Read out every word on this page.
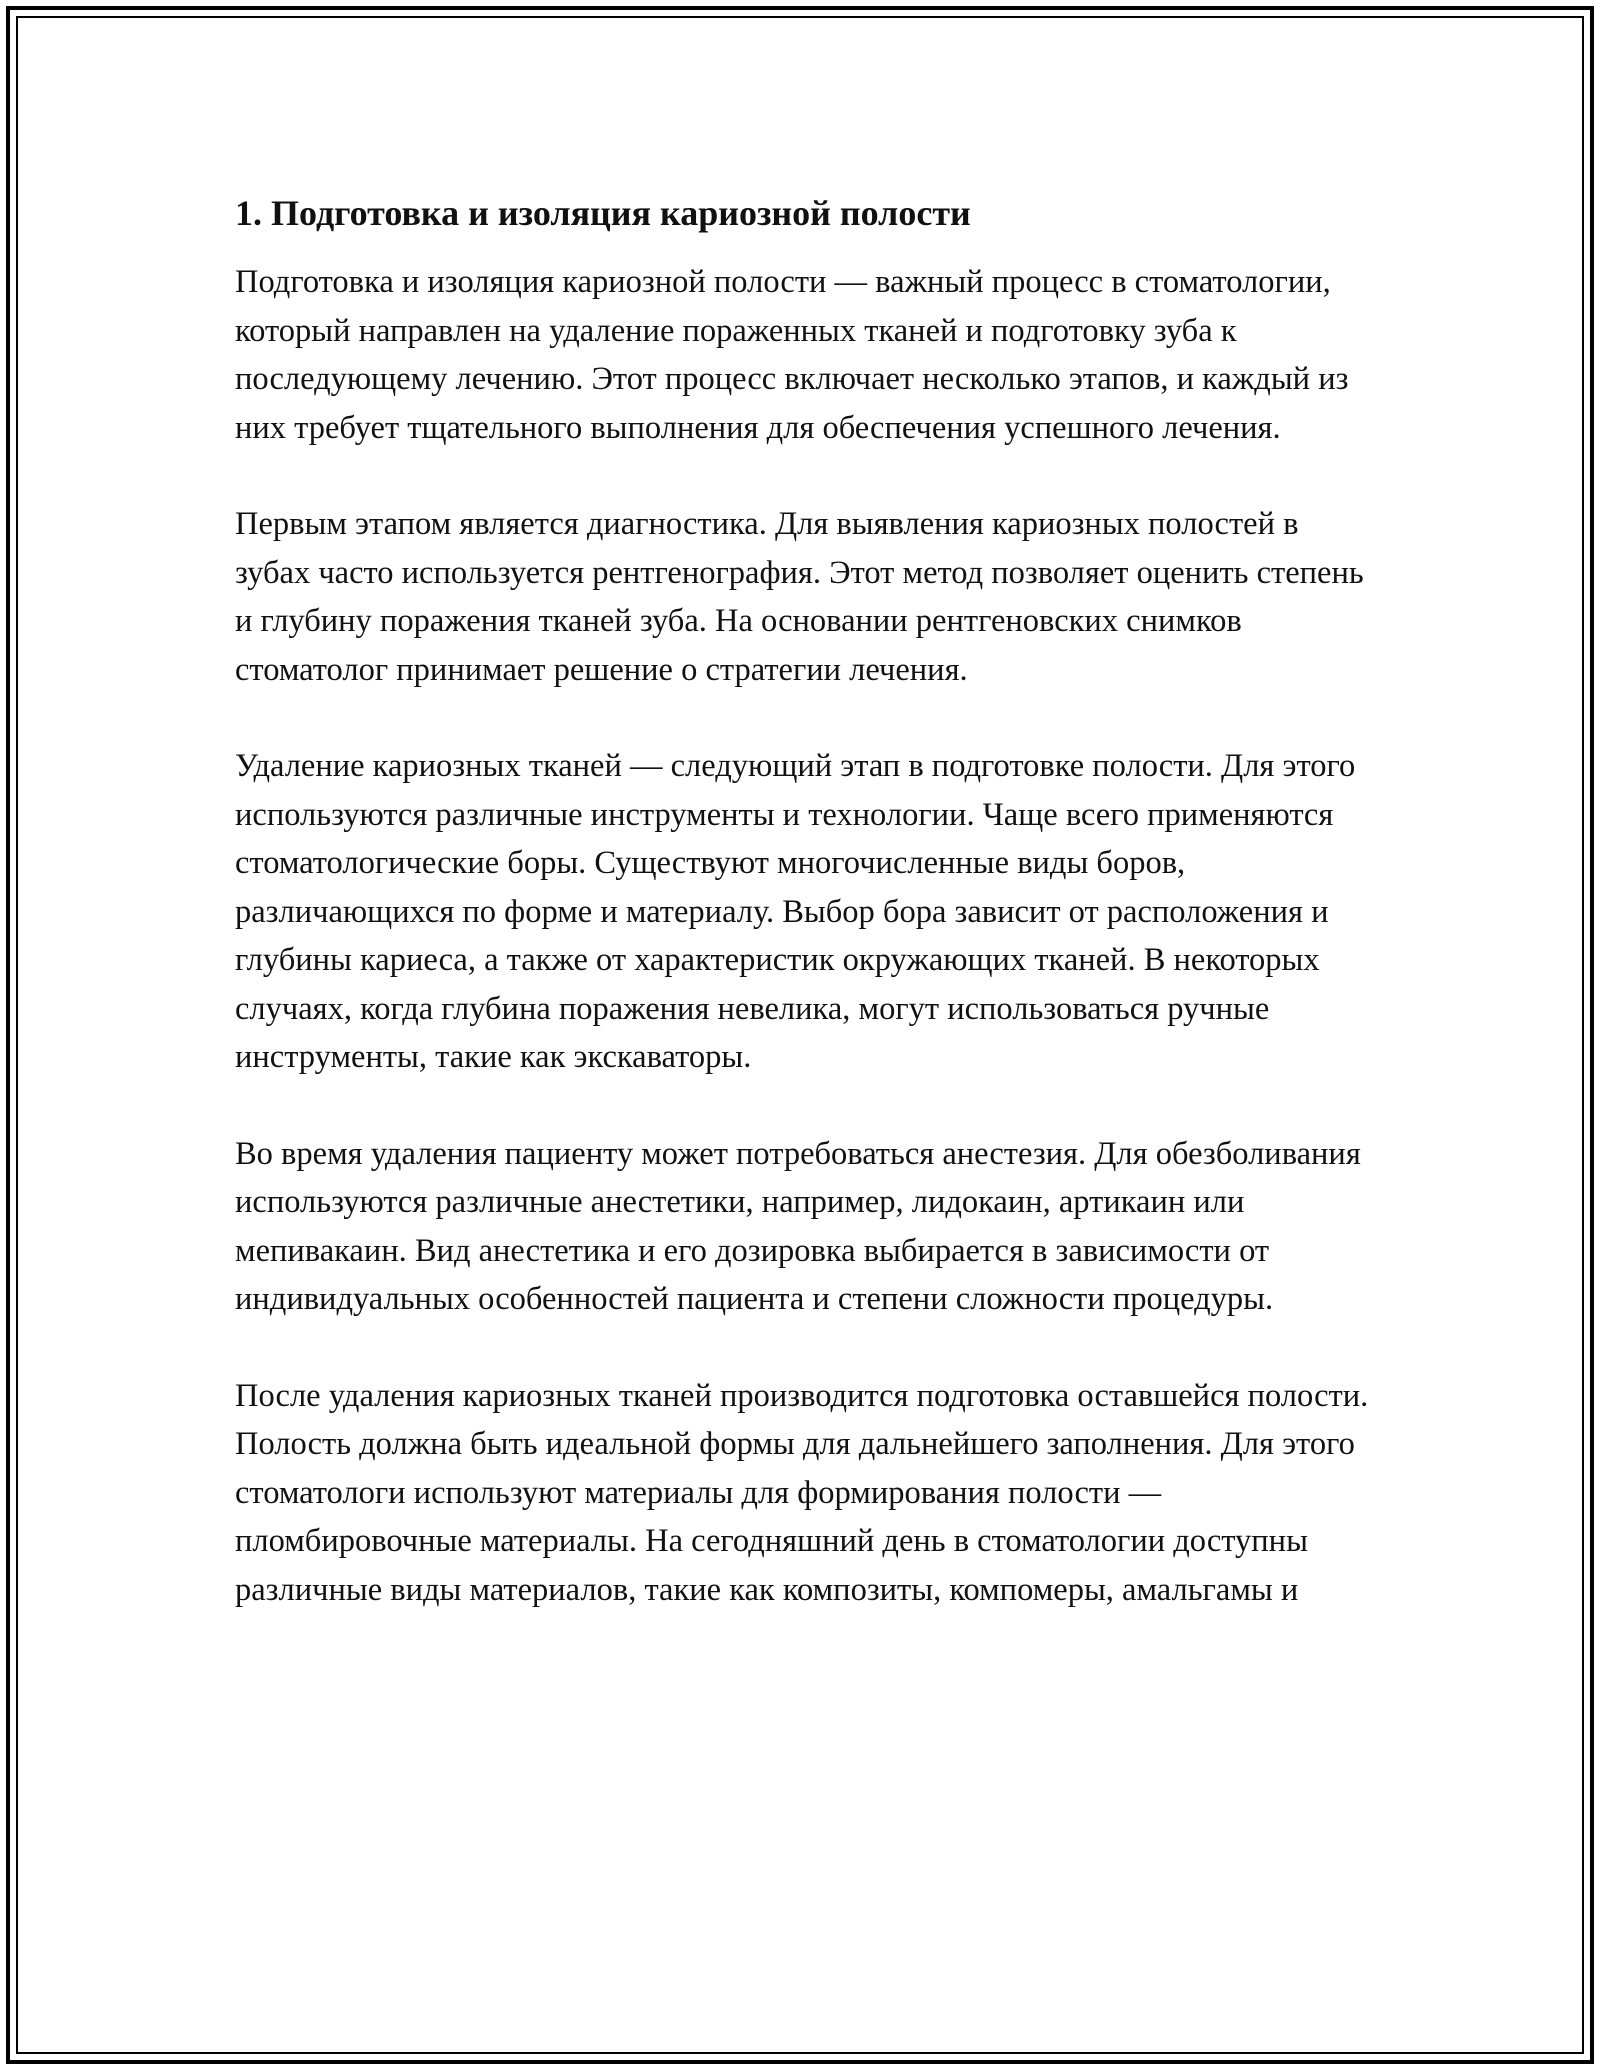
1. Подготовка и изоляция кариозной полости

Подготовка и изоляция кариозной полости — важный процесс в стоматологии, который направлен на удаление пораженных тканей и подготовку зуба к последующему лечению. Этот процесс включает несколько этапов, и каждый из них требует тщательного выполнения для обеспечения успешного лечения.

Первым этапом является диагностика. Для выявления кариозных полостей в зубах часто используется рентгенография. Этот метод позволяет оценить степень и глубину поражения тканей зуба. На основании рентгеновских снимков стоматолог принимает решение о стратегии лечения.

Удаление кариозных тканей — следующий этап в подготовке полости. Для этого используются различные инструменты и технологии. Чаще всего применяются стоматологические боры. Существуют многочисленные виды боров, различающихся по форме и материалу. Выбор бора зависит от расположения и глубины кариеса, а также от характеристик окружающих тканей. В некоторых случаях, когда глубина поражения невелика, могут использоваться ручные инструменты, такие как экскаваторы.

Во время удаления пациенту может потребоваться анестезия. Для обезболивания используются различные анестетики, например, лидокаин, артикаин или мепивакаин. Вид анестетика и его дозировка выбирается в зависимости от индивидуальных особенностей пациента и степени сложности процедуры.

После удаления кариозных тканей производится подготовка оставшейся полости. Полость должна быть идеальной формы для дальнейшего заполнения. Для этого стоматологи используют материалы для формирования полости — пломбировочные материалы. На сегодняшний день в стоматологии доступны различные виды материалов, такие как композиты, компомеры, амальгамы и
